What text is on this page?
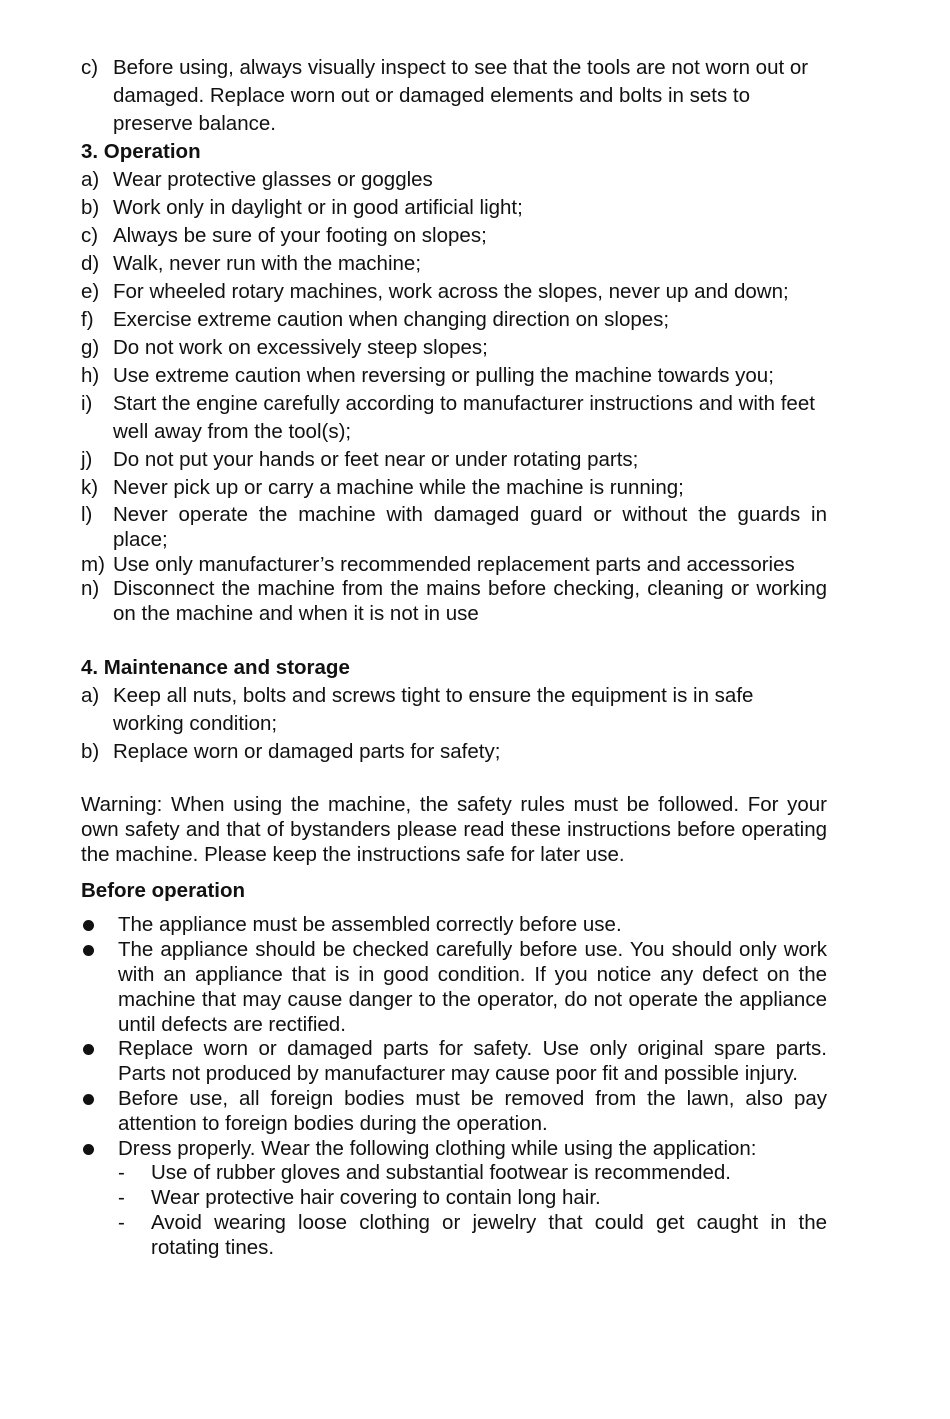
c) Before using, always visually inspect to see that the tools are not worn out or damaged. Replace worn out or damaged elements and bolts in sets to preserve balance.
3. Operation
a) Wear protective glasses or goggles
b) Work only in daylight or in good artificial light;
c) Always be sure of your footing on slopes;
d) Walk, never run with the machine;
e) For wheeled rotary machines, work across the slopes, never up and down;
f) Exercise extreme caution when changing direction on slopes;
g) Do not work on excessively steep slopes;
h) Use extreme caution when reversing or pulling the machine towards you;
i)	Start the engine carefully according to manufacturer instructions and with feet well away from the tool(s);
j)	Do not put your hands or feet near or under rotating parts;
k) Never pick up or carry a machine while the machine is running;
l)	Never operate the machine with damaged guard or without the guards in place;
m) Use only manufacturer’s recommended replacement parts and accessories
n) Disconnect the machine from the mains before checking, cleaning or working on the machine and when it is not in use
4. Maintenance and storage
a) Keep all nuts, bolts and screws tight to ensure the equipment is in safe working condition;
b) Replace worn or damaged parts for safety;
Warning: When using the machine, the safety rules must be followed. For your own safety and that of bystanders please read these instructions before operating the machine. Please keep the instructions safe for later use.
Before operation
The appliance must be assembled correctly before use.
The appliance should be checked carefully before use. You should only work with an appliance that is in good condition. If you notice any defect on the machine that may cause danger to the operator, do not operate the appliance until defects are rectified.
Replace worn or damaged parts for safety. Use only original spare parts. Parts not produced by manufacturer may cause poor fit and possible injury.
Before use, all foreign bodies must be removed from the lawn, also pay attention to foreign bodies during the operation.
Dress properly. Wear the following clothing while using the application:
-	Use of rubber gloves and substantial footwear is recommended.
-	Wear protective hair covering to contain long hair.
-	Avoid wearing loose clothing or jewelry that could get caught in the rotating tines.
